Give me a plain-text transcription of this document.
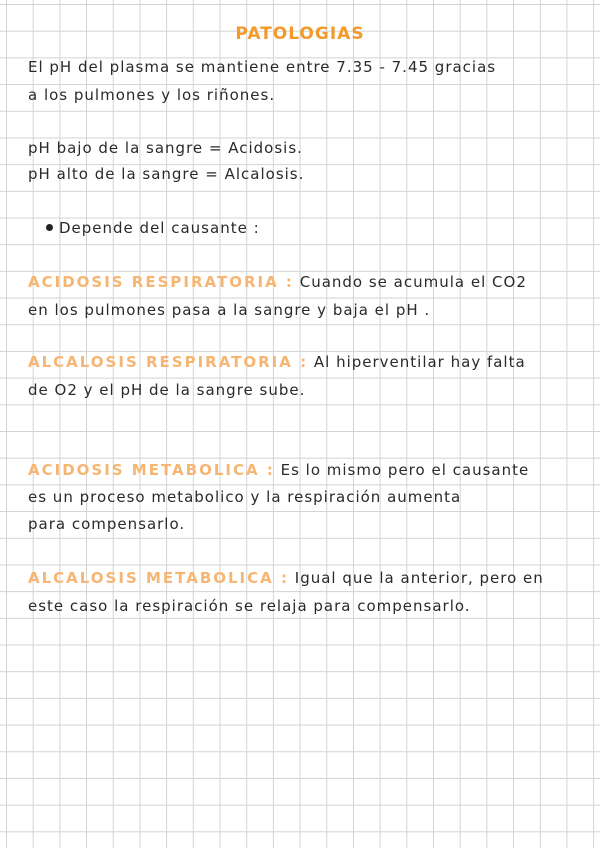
PATOLOGIAS
El pH del plasma se mantiene entre 7.35 - 7.45 gracias
a los pulmones y los riñones.
pH bajo de la sangre = Acidosis.
pH alto de la sangre = Alcalosis.
Depende del causante :
ACIDOSIS RESPIRATORIA : Cuando se acumula el CO2
en los pulmones pasa a la sangre y baja el pH .
ALCALOSIS RESPIRATORIA : Al hiperventilar hay falta
de O2 y el pH de la sangre sube.
ACIDOSIS METABOLICA : Es lo mismo pero el causante
es un proceso metabolico y la respiración aumenta
para compensarlo.
ALCALOSIS METABOLICA : Igual que la anterior, pero en
este caso la respiración se relaja para compensarlo.
